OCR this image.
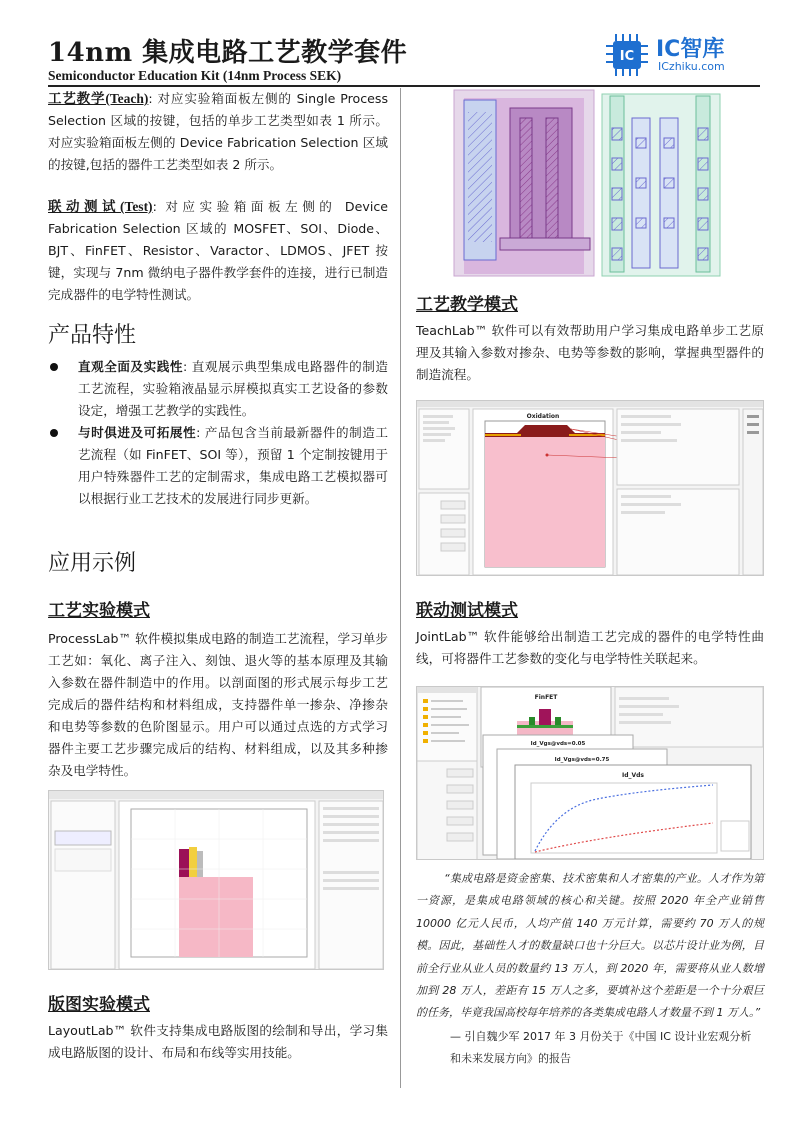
14nm 集成电路工艺教学套件
Semiconductor Education Kit (14nm Process SEK)
IC IC智库
ICzhiku.com
工艺教学(Teach): 对应实验箱面板左侧的 Single Process Selection 区域的按键，包括的单步工艺类型如表 1 所示。对应实验箱面板左侧的 Device Fabrication Selection 区域的按键,包括的器件工艺类型如表 2 所示。
联动测试(Test): 对应实验箱面板左侧的 Device Fabrication Selection 区域的 MOSFET、SOI、Diode、BJT、FinFET、Resistor、Varactor、LDMOS、JFET 按键，实现与 7nm 微纳电子器件教学套件的连接，进行已制造完成器件的电学特性测试。
产品特性
直观全面及实践性: 直观展示典型集成电路器件的制造工艺流程，实验箱液晶显示屏模拟真实工艺设备的参数设定，增强工艺教学的实践性。
与时俱进及可拓展性: 产品包含当前最新器件的制造工艺流程（如 FinFET、SOI 等），预留 1 个定制按键用于用户特殊器件工艺的定制需求，集成电路工艺模拟器可以根据行业工艺技术的发展进行同步更新。
应用示例
工艺实验模式
ProcessLab™ 软件模拟集成电路的制造工艺流程，学习单步工艺如：氧化、离子注入、刻蚀、退火等的基本原理及其输入参数在器件制造中的作用。以剖面图的形式展示每步工艺完成后的器件结构和材料组成，支持器件单一掺杂、净掺杂和电势等参数的色阶图显示。用户可以通过点选的方式学习器件主要工艺步骤完成后的结构、材料组成，以及其多种掺杂及电学特性。
版图实验模式
LayoutLab™ 软件支持集成电路版图的绘制和导出，学习集成电路版图的设计、布局和布线等实用技能。
工艺教学模式
TeachLab™ 软件可以有效帮助用户学习集成电路单步工艺原理及其输入参数对掺杂、电势等参数的影响，掌握典型器件的制造流程。
Oxidation
联动测试模式
JointLab™ 软件能够给出制造工艺完成的器件的电学特性曲线，可将器件工艺参数的变化与电学特性关联起来。
FinFET
Id_Vgs@vds=0.05
Id_Vgs@vds=0.75
Id_Vds
“集成电路是资金密集、技术密集和人才密集的产业。人才作为第一资源，是集成电路领域的核心和关键。按照 2020 年全产业销售 10000 亿元人民币，人均产值 140 万元计算，需要约 70 万人的规模。因此，基础性人才的数量缺口也十分巨大。以芯片设计业为例，目前全行业从业人员的数量约 13 万人，到 2020 年，需要将从业人数增加到 28 万人，差距有 15 万人之多，要填补这个差距是一个十分艰巨的任务，毕竟我国高校每年培养的各类集成电路人才数量不到 1 万人。”
— 引自魏少军 2017 年 3 月份关于《中国 IC 设计业宏观分析和未来发展方向》的报告
